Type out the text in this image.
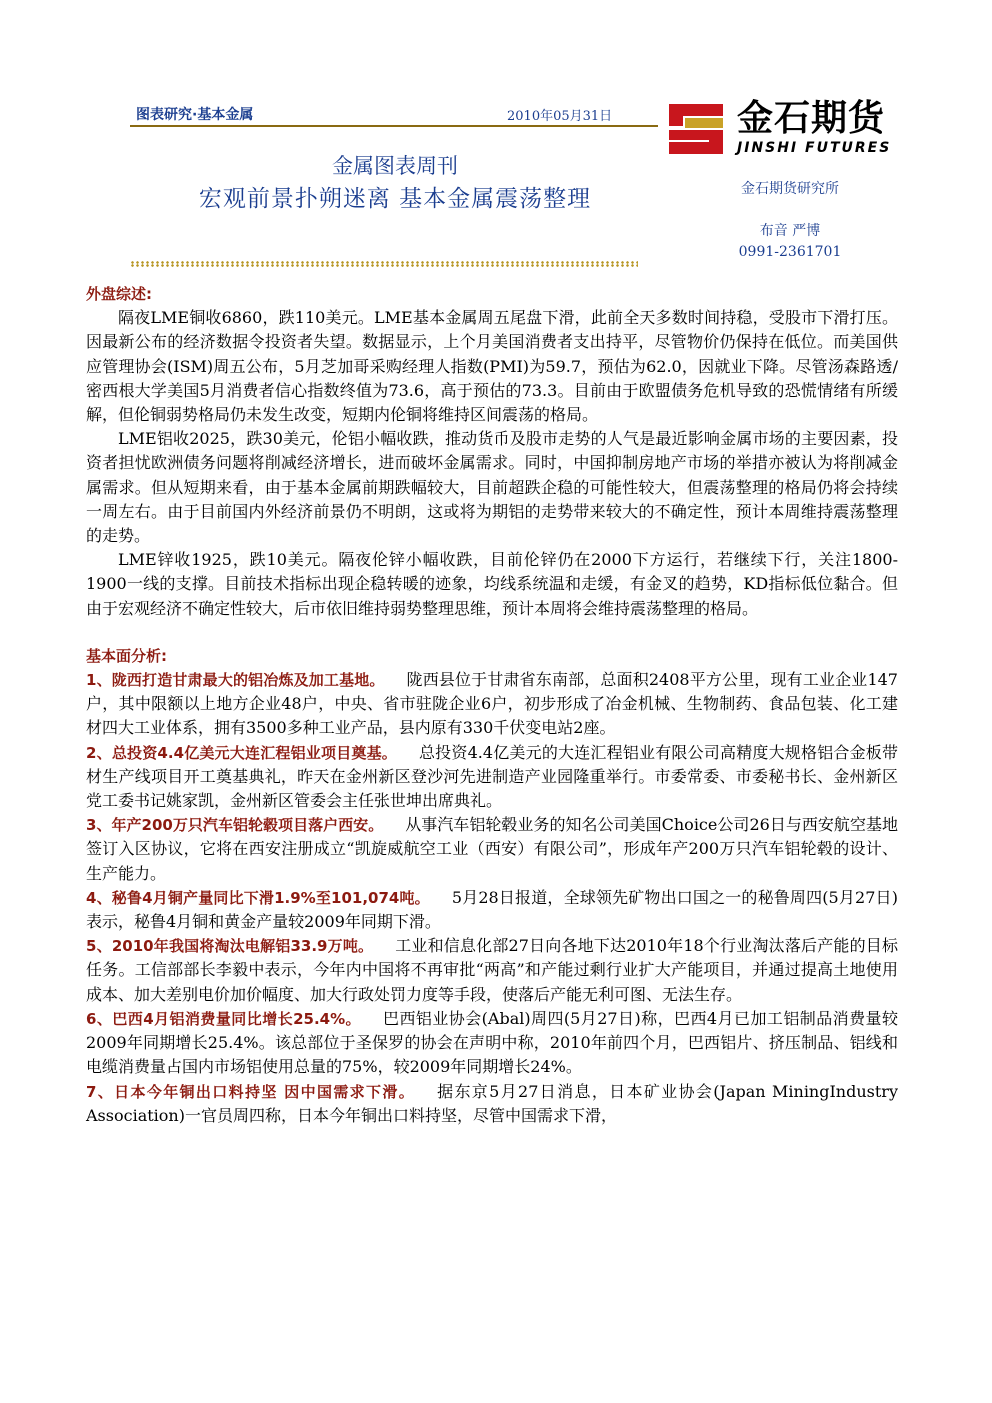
图表研究·基本金属	2010年05月31日	金石期货
JINSHI FUTURES
金属图表周刊
宏观前景扑朔迷离 基本金属震荡整理	金石期货研究所
布音 严博
0991-2361701
外盘综述:

隔夜LME铜收6860，跌110美元。LME基本金属周五尾盘下滑，此前全天多数时间持稳，受股市下滑打压。因最新公布的经济数据令投资者失望。数据显示，上个月美国消费者支出持平，尽管物价仍保持在低位。而美国供应管理协会(ISM)周五公布，5月芝加哥采购经理人指数(PMI)为59.7，预估为62.0，因就业下降。尽管汤森路透/密西根大学美国5月消费者信心指数终值为73.6，高于预估的73.3。目前由于欧盟债务危机导致的恐慌情绪有所缓解，但伦铜弱势格局仍未发生改变，短期内伦铜将维持区间震荡的格局。

LME铝收2025，跌30美元，伦铝小幅收跌，推动货币及股市走势的人气是最近影响金属市场的主要因素，投资者担忧欧洲债务问题将削减经济增长，进而破坏金属需求。同时，中国抑制房地产市场的举措亦被认为将削减金属需求。但从短期来看，由于基本金属前期跌幅较大，目前超跌企稳的可能性较大，但震荡整理的格局仍将会持续一周左右。由于目前国内外经济前景仍不明朗，这或将为期铝的走势带来较大的不确定性，预计本周维持震荡整理的走势。

LME锌收1925，跌10美元。隔夜伦锌小幅收跌，目前伦锌仍在2000下方运行，若继续下行，关注1800-1900一线的支撑。目前技术指标出现企稳转暖的迹象，均线系统温和走缓，有金叉的趋势，KD指标低位黏合。但由于宏观经济不确定性较大，后市依旧维持弱势整理思维，预计本周将会维持震荡整理的格局。

基本面分析:

1、陇西打造甘肃最大的铝冶炼及加工基地。 陇西县位于甘肃省东南部，总面积2408平方公里，现有工业企业147户，其中限额以上地方企业48户，中央、省市驻陇企业6户，初步形成了冶金机械、生物制药、食品包装、化工建材四大工业体系，拥有3500多种工业产品，县内原有330千伏变电站2座。

2、总投资4.4亿美元大连汇程铝业项目奠基。 总投资4.4亿美元的大连汇程铝业有限公司高精度大规格铝合金板带材生产线项目开工奠基典礼，昨天在金州新区登沙河先进制造产业园隆重举行。市委常委、市委秘书长、金州新区党工委书记姚家凯，金州新区管委会主任张世坤出席典礼。

3、年产200万只汽车铝轮毂项目落户西安。 从事汽车铝轮毂业务的知名公司美国Choice公司26日与西安航空基地签订入区协议，它将在西安注册成立“凯旋威航空工业（西安）有限公司”，形成年产200万只汽车铝轮毂的设计、生产能力。

4、秘鲁4月铜产量同比下滑1.9%至101,074吨。 5月28日报道，全球领先矿物出口国之一的秘鲁周四(5月27日)表示，秘鲁4月铜和黄金产量较2009年同期下滑。

5、2010年我国将淘汰电解铝33.9万吨。 工业和信息化部27日向各地下达2010年18个行业淘汰落后产能的目标任务。工信部部长李毅中表示，今年内中国将不再审批“两高”和产能过剩行业扩大产能项目，并通过提高土地使用成本、加大差别电价加价幅度、加大行政处罚力度等手段，使落后产能无利可图、无法生存。

6、巴西4月铝消费量同比增长25.4%。 巴西铝业协会(Abal)周四(5月27日)称，巴西4月已加工铝制品消费量较2009年同期增长25.4%。该总部位于圣保罗的协会在声明中称，2010年前四个月，巴西铝片、挤压制品、铝线和电缆消费量占国内市场铝使用总量的75%，较2009年同期增长24%。

7、日本今年铜出口料持坚 因中国需求下滑。 据东京5月27日消息，日本矿业协会(Japan MiningIndustry Association)一官员周四称，日本今年铜出口料持坚，尽管中国需求下滑，
